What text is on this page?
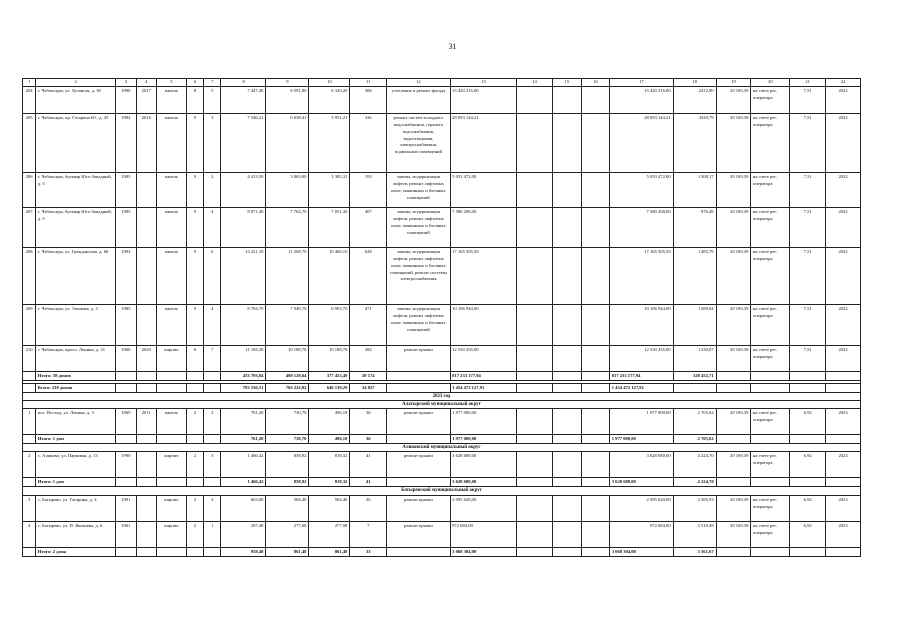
31
1	2	3	4	5	6	7	8	9	10	11	12	13	14	15	16	17	18	19	20	21	22
204	г. Чебоксары, ул. Хузангая, д. 30	1990	2017	панель	8	5	7 447,40	6 591,80	6 330,20	306	утепление и ремонт фасада	15 420 216,00				15 420 216,00	2412,90	20 169,39	на счете рег. оператора	7,51	2022
205	г. Чебоксары, пр. Гагарина Ю., д. 45	1982	2016	панель	9	3	7 546,21	6 638,41	5 951,21	326	ремонт систем холодного водоснабжения, горячего водоснабжения, водоотведения, электроснабжения, подвальных помещений	28 693 144,21				28 693 144,21	4320,79	20 169,39	на счете рег. оператора	7,51	2022
206	г. Чебоксары, бульвар Юго-Западный, д. 3	1985		панель	9	2	4 413,50	3 863,00	3 385,31	193	замена, модернизация лифтов, ремонт лифтовых шахт, машинных и блочных помещений	5 053 472,00				5 053 472,00	1308,17	20 169,39	на счете рег. оператора	7,51	2022
207	г. Чебоксары, бульвар Юго-Западный, д. 5	1985		панель	9	4	8 871,40	7 762,70	7 051,30	407	замена, модернизация лифтов, ремонт лифтовых шахт, машинных и блочных помещений	7 580 208,00				7 580 208,00	976,49	20 169,39	на счете рег. оператора	7,51	2022
208	г. Чебоксары, ул. Гражданская, д. 66	1992		панель	9	6	13 221,10	11 568,70	10 466,10	628	замена, модернизация лифтов, ремонт лифтовых шахт, машинных и блочных помещений, ремонт системы электроснабжения	17 165 505,50				17 165 505,50	1483,79	20 169,39	на счете рег. оператора	7,51	2022
209	г. Чебоксары, ул. Эльменя, д. 3	1985		панель	9	4	8 704,70	7 940,70	6 903,70	471	замена, модернизация лифтов, ремонт лифтовых шахт, машинных и блочных помещений	10 106 944,00				10 106 944,00	1289,04	20 169,39	на счете рег. оператора	7,51	2022
210	г. Чебоксары, просп. Ленина, д. 21	1960	2020	кирпич	6	7	11 184,28	10 188,78	10 188,78	282	ремонт крыши	12 530 435,00				12 530 435,00	1230,07	20 169,39	на счете рег. оператора	7,51	2022
	Итого: 58 домов						453 793,84	400 120,64	377 453,49	20 174		817 233 177,94				817 233 177,94	128 452,71				

	Всего: 210 домов						783 536,51	702 222,92	646 139,29	34 027		1 454 472 127,91				1 454 472 127,91					
2023 год																					
Алатырский муниципальный округ																					
1	пос. Восход, ул. Ленина, д. 3	1969	2011	панель	2	2	761,20	730,70	496,10	36	ремонт крыши	1 977 000,00				1 977 000,00	2 705,62	20 169,39	на счете рег. оператора	6,92	2023
	Итого: 1 дом						761,20	730,70	496,10	36		1 977 000,00				1 977 000,00	2 705,62				
Аликовский муниципальный округ																					
2	с. Аликово, ул. Парковая, д. 13	1990		кирпич	2	3	1 466,42	858,92	818,32	41	ремонт крыши	3 628 680,00				3 628 680,00	4 224,70	20 169,39	на счете рег. оператора	6,92	2023
	Итого: 1 дом						1 466,42	858,92	818,32	41		3 628 680,00				3 628 680,00	4 224,70				
Батыревский муниципальный округ																					
3	с. Батырево, ул. Гагарина, д. 4	1991		кирпич	2	2	663,00	584,40	584,40	26	ремонт крыши	2 095 620,00				2 095 620,00	3 585,93	20 169,39	на счете рег. оператора	6,92	2023
4	с. Батырево, ул. П. Яковлева, д. 6	1961		кирпич	2	1	297,48	277,08	277,08	7	ремонт крыши	972 684,00				972 684,00	3 510,48	20 169,39	на счете рег. оператора	6,92	2023
	Итого: 2 дома						958,48	861,48	861,48	33		3 068 304,00				3 068 304,00	3 561,67				
